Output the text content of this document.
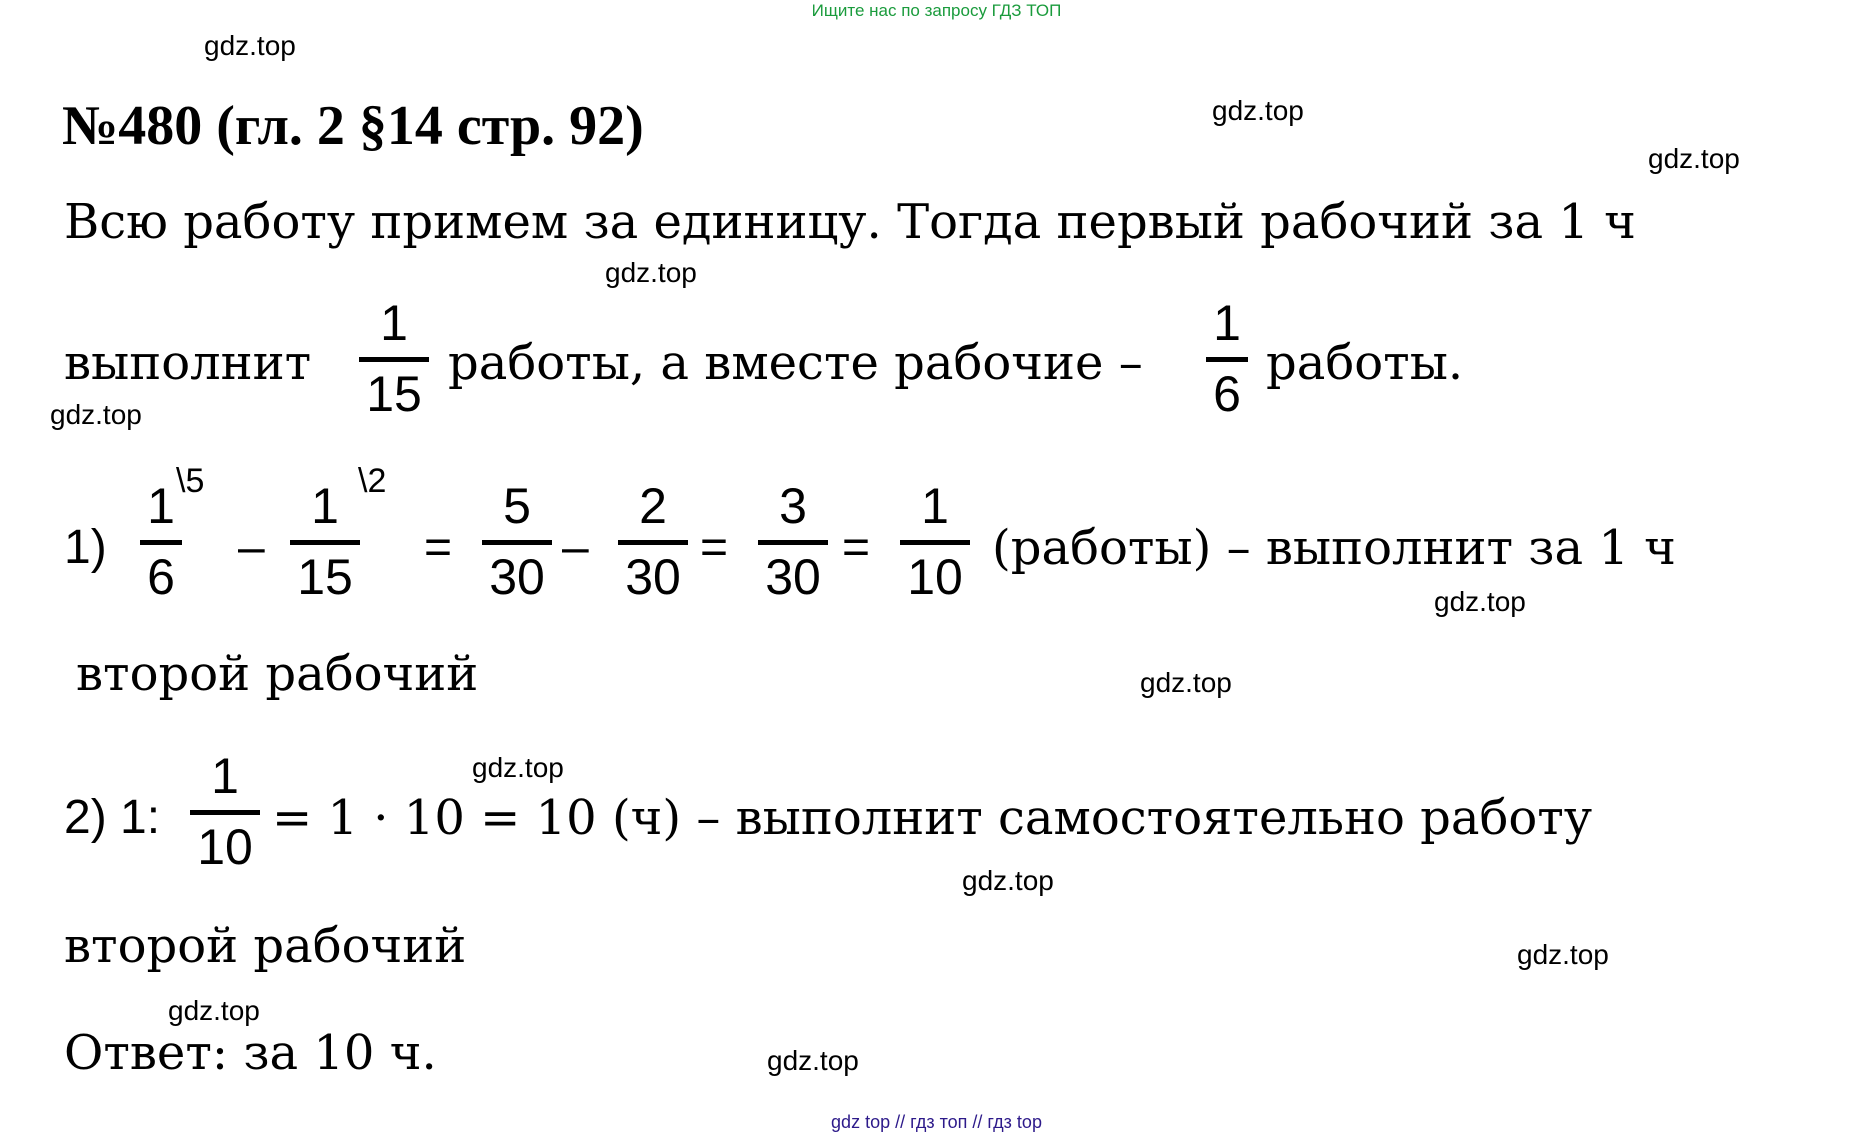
Ищите нас по запросу ГДЗ ТОП
gdz.top
gdz.top
gdz.top
gdz.top
gdz.top
gdz.top
gdz.top
gdz.top
gdz.top
gdz.top
gdz.top
gdz.top
№480 (гл. 2 §14 стр. 92)
Всю работу примем за единицу. Тогда первый рабочий за 1 ч
выполнит
1
15
работы, а вместе рабочие –
1
6
работы.
1)
1
6
\5
–
1
15
\2
=
5
30
–
2
30
=
3
30
=
1
10
(работы) – выполнит за 1 ч
второй рабочий
2) 1:
1
10
= 1 · 10 = 10 (ч) – выполнит самостоятельно работу
второй рабочий
Ответ: за 10 ч.
gdz top // гдз топ // гдз top
